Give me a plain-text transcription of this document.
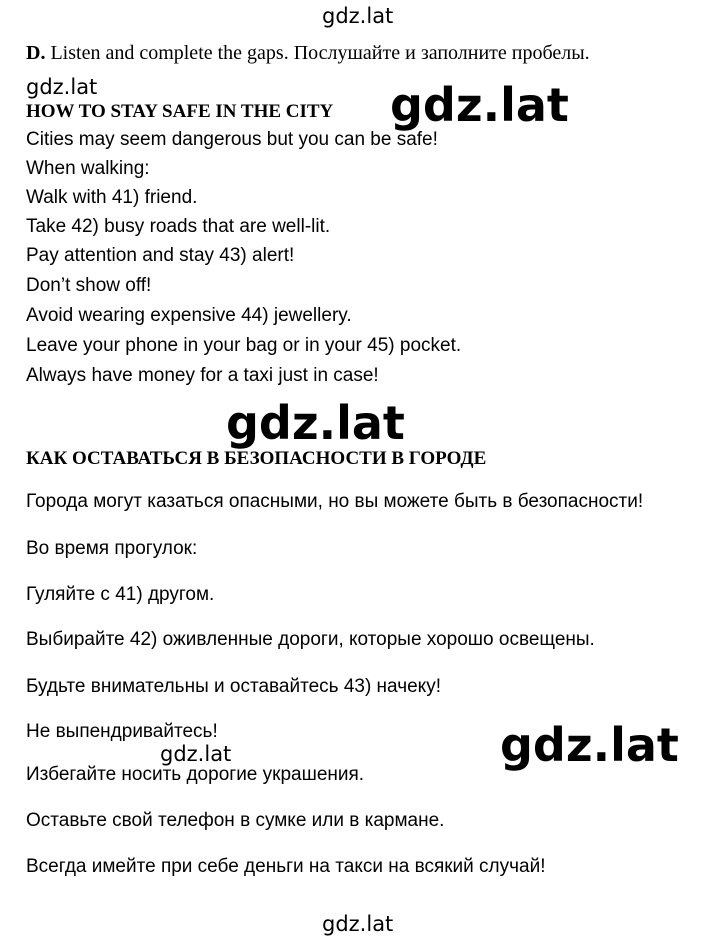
gdz.lat

D. Listen and complete the gaps. Послушайте и заполните пробелы.

gdz.lat

HOW TO STAY SAFE IN THE CITY gdz.lat

Cities may seem dangerous but you can be safe!

When walking:

Walk with 41) friend.

Take 42) busy roads that are well-lit.

Pay attention and stay 43) alert!

Don’t show off!

Avoid wearing expensive 44) jewellery.

Leave your phone in your bag or in your 45) pocket.

Always have money for a taxi just in case!

gdz.lat

КАК ОСТАВАТЬСЯ В БЕЗОПАСНОСТИ В ГОРОДЕ

Города могут казаться опасными, но вы можете быть в безопасности!

Во время прогулок:

Гуляйте с 41) другом.

Выбирайте 42) оживленные дороги, которые хорошо освещены.

Будьте внимательны и оставайтесь 43) начеку!

Не выпендривайтесь!

gdz.lat	gdz.lat

Избегайте носить дорогие украшения.

Оставьте свой телефон в сумке или в кармане.

Всегда имейте при себе деньги на такси на всякий случай!

gdz.lat
